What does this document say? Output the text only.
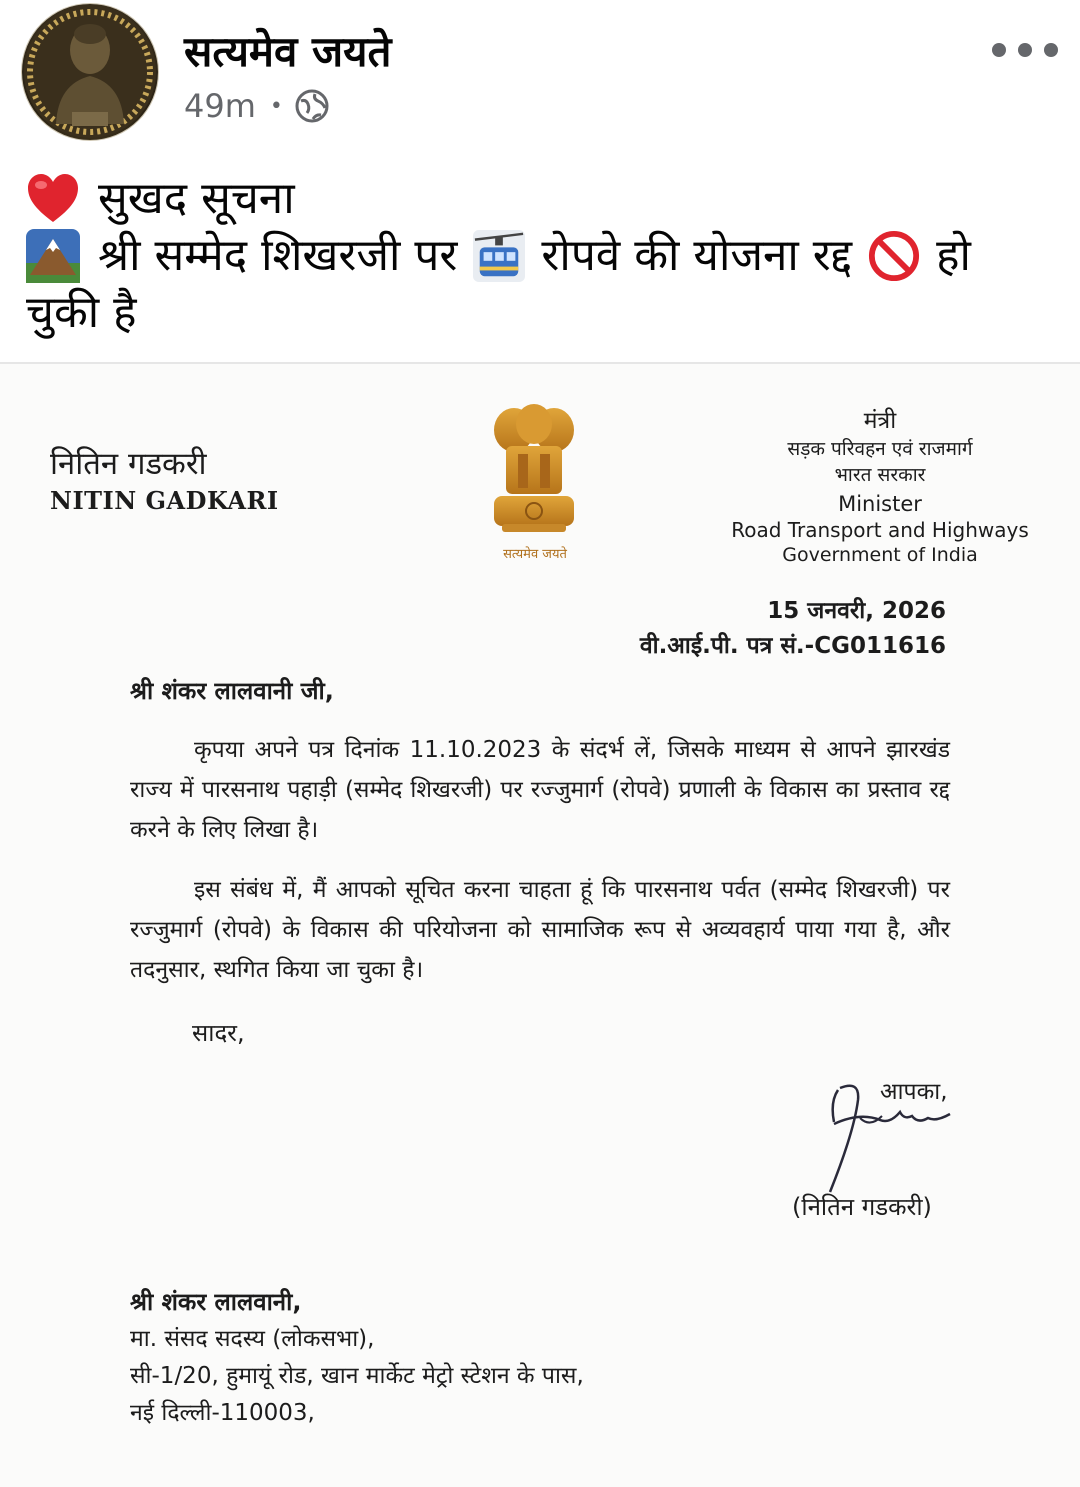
सत्यमेव जयते
49m •
सुखद सूचना
श्री सम्मेद शिखरजी पर रोपवे की योजना रद्द हो
चुकी है
नितिन गडकरी
NITIN GADKARI
सत्यमेव जयते
मंत्री
सड़क परिवहन एवं राजमार्ग
भारत सरकार
Minister
Road Transport and Highways
Government of India
15 जनवरी, 2026
वी.आई.पी. पत्र सं.-CG011616
श्री शंकर लालवानी जी,
कृपया अपने पत्र दिनांक 11.10.2023 के संदर्भ लें, जिसके माध्यम से आपने झारखंड राज्य में पारसनाथ पहाड़ी (सम्मेद शिखरजी) पर रज्जुमार्ग (रोपवे) प्रणाली के विकास का प्रस्ताव रद्द करने के लिए लिखा है।
इस संबंध में, मैं आपको सूचित करना चाहता हूं कि पारसनाथ पर्वत (सम्मेद शिखरजी) पर रज्जुमार्ग (रोपवे) के विकास की परियोजना को सामाजिक रूप से अव्यवहार्य पाया गया है, और तदनुसार, स्थगित किया जा चुका है।
सादर,
आपका,
(नितिन गडकरी)
श्री शंकर लालवानी,
मा. संसद सदस्य (लोकसभा),
सी-1/20, हुमायूं रोड, खान मार्केट मेट्रो स्टेशन के पास,
नई दिल्ली-110003,
